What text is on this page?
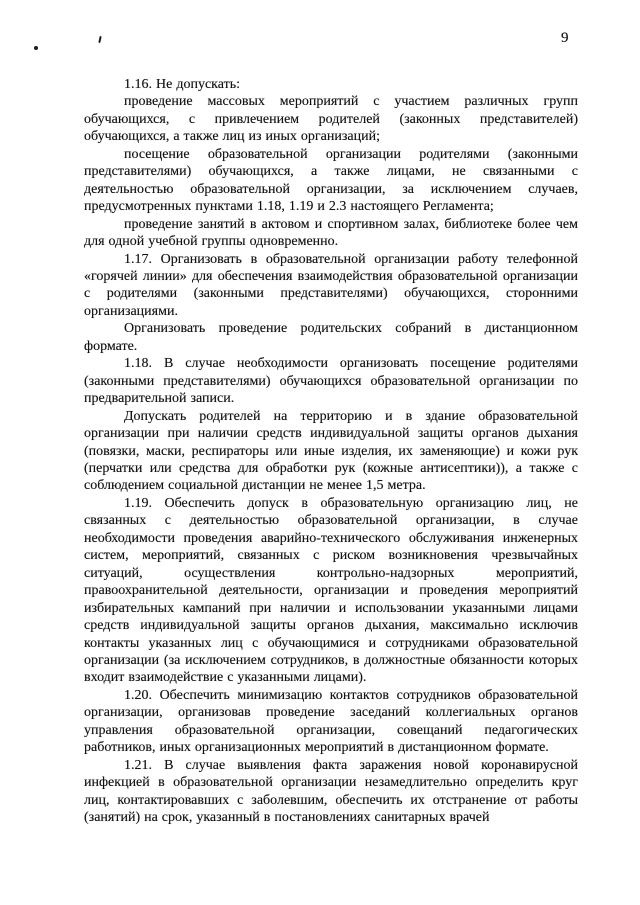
9

1.16. Не допускать:

проведение массовых мероприятий с участием различных групп обучающихся, с привлечением родителей (законных представителей) обучающихся, а также лиц из иных организаций;

посещение образовательной организации родителями (законными представителями) обучающихся, а также лицами, не связанными с деятельностью образовательной организации, за исключением случаев, предусмотренных пунктами 1.18, 1.19 и 2.3 настоящего Регламента;

проведение занятий в актовом и спортивном залах, библиотеке более чем для одной учебной группы одновременно.

1.17. Организовать в образовательной организации работу телефонной «горячей линии» для обеспечения взаимодействия образовательной организации с родителями (законными представителями) обучающихся, сторонними организациями.

Организовать проведение родительских собраний в дистанционном формате.

1.18. В случае необходимости организовать посещение родителями (законными представителями) обучающихся образовательной организации по предварительной записи.

Допускать родителей на территорию и в здание образовательной организации при наличии средств индивидуальной защиты органов дыхания (повязки, маски, респираторы или иные изделия, их заменяющие) и кожи рук (перчатки или средства для обработки рук (кожные антисептики)), а также с соблюдением социальной дистанции не менее 1,5 метра.

1.19. Обеспечить допуск в образовательную организацию лиц, не связанных с деятельностью образовательной организации, в случае необходимости проведения аварийно-технического обслуживания инженерных систем, мероприятий, связанных с риском возникновения чрезвычайных ситуаций, осуществления контрольно-надзорных мероприятий, правоохранительной деятельности, организации и проведения мероприятий избирательных кампаний при наличии и использовании указанными лицами средств индивидуальной защиты органов дыхания, максимально исключив контакты указанных лиц с обучающимися и сотрудниками образовательной организации (за исключением сотрудников, в должностные обязанности которых входит взаимодействие с указанными лицами).

1.20. Обеспечить минимизацию контактов сотрудников образовательной организации, организовав проведение заседаний коллегиальных органов управления образовательной организации, совещаний педагогических работников, иных организационных мероприятий в дистанционном формате.

1.21. В случае выявления факта заражения новой коронавирусной инфекцией в образовательной организации незамедлительно определить круг лиц, контактировавших с заболевшим, обеспечить их отстранение от работы (занятий) на срок, указанный в постановлениях санитарных врачей
